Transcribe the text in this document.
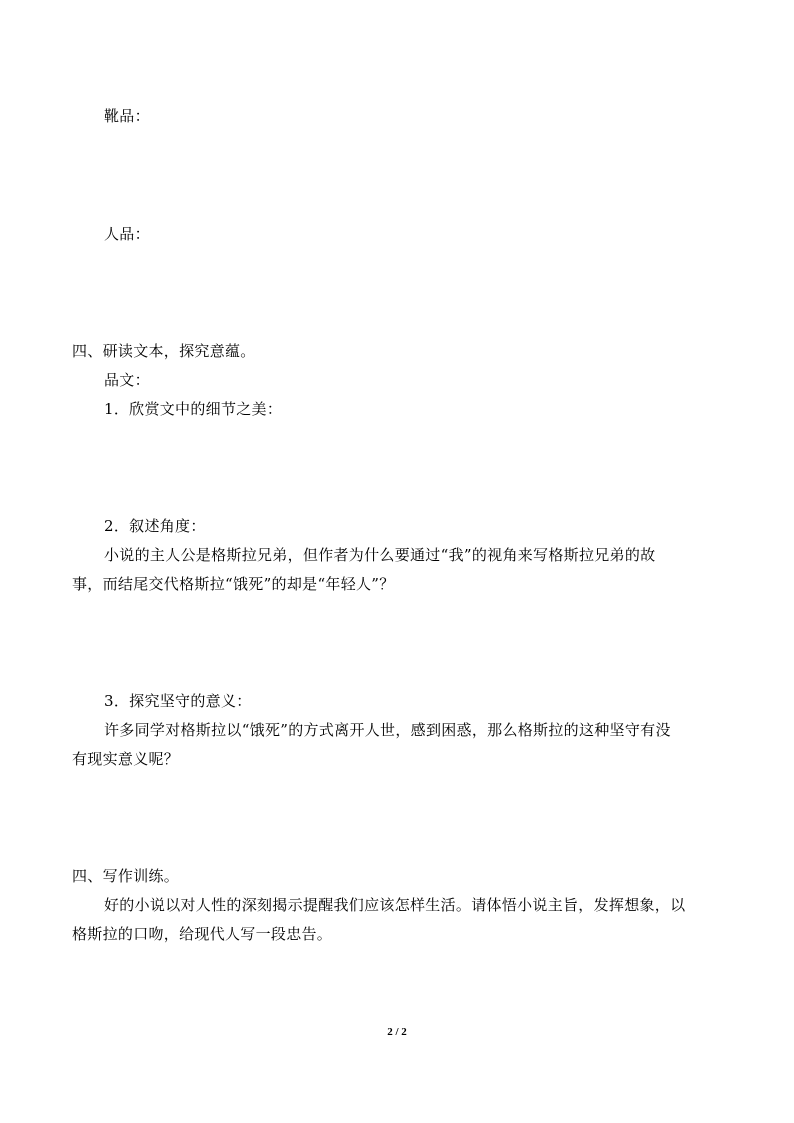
靴品：
人品：
四、研读文本，探究意蕴。
品文：
1．欣赏文中的细节之美：
2．叙述角度：
小说的主人公是格斯拉兄弟，但作者为什么要通过“我”的视角来写格斯拉兄弟的故
事，而结尾交代格斯拉“饿死”的却是“年轻人”？
3．探究坚守的意义：
许多同学对格斯拉以“饿死”的方式离开人世，感到困惑，那么格斯拉的这种坚守有没
有现实意义呢？
四、写作训练。
好的小说以对人性的深刻揭示提醒我们应该怎样生活。请体悟小说主旨，发挥想象，以
格斯拉的口吻，给现代人写一段忠告。
2 / 2
